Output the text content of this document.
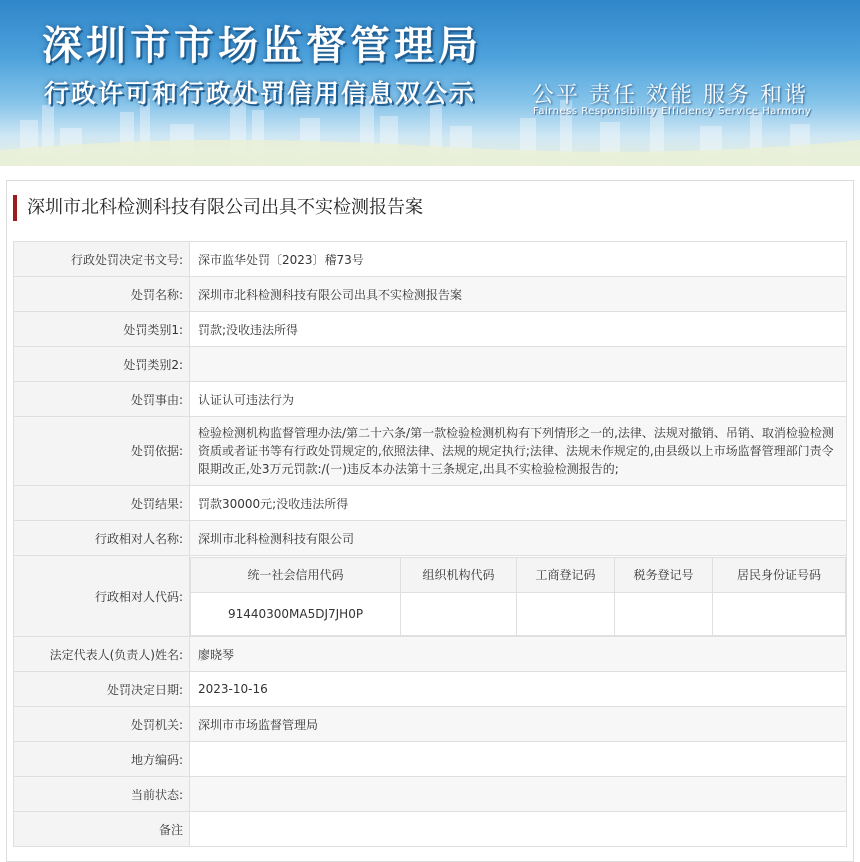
深圳市市场监督管理局
行政许可和行政处罚信用信息双公示	公平 责任 效能 服务 和谐
Fairness Responsibility Efficiency Service Harmony
深圳市北科检测科技有限公司出具不实检测报告案
行政处罚决定书文号:	深市监华处罚〔2023〕稽73号
处罚名称:	深圳市北科检测科技有限公司出具不实检测报告案
处罚类别1:	罚款;没收违法所得
处罚类别2:	
处罚事由:	认证认可违法行为
处罚依据:	检验检测机构监督管理办法/第二十六条/第一款检验检测机构有下列情形之一的,法律、法规对撤销、吊销、取消检验检测资质或者证书等有行政处罚规定的,依照法律、法规的规定执行;法律、法规未作规定的,由县级以上市场监督管理部门责令限期改正,处3万元罚款:/(一)违反本办法第十三条规定,出具不实检验检测报告的;
处罚结果:	罚款30000元;没收违法所得
行政相对人名称:	深圳市北科检测科技有限公司
行政相对人代码:	
统一社会信用代码	组织机构代码	工商登记码	税务登记号	居民身份证号码
91440300MA5DJ7JH0P				

法定代表人(负责人)姓名:	廖晓琴
处罚决定日期:	2023-10-16
处罚机关:	深圳市市场监督管理局
地方编码:	
当前状态:	
备注	
